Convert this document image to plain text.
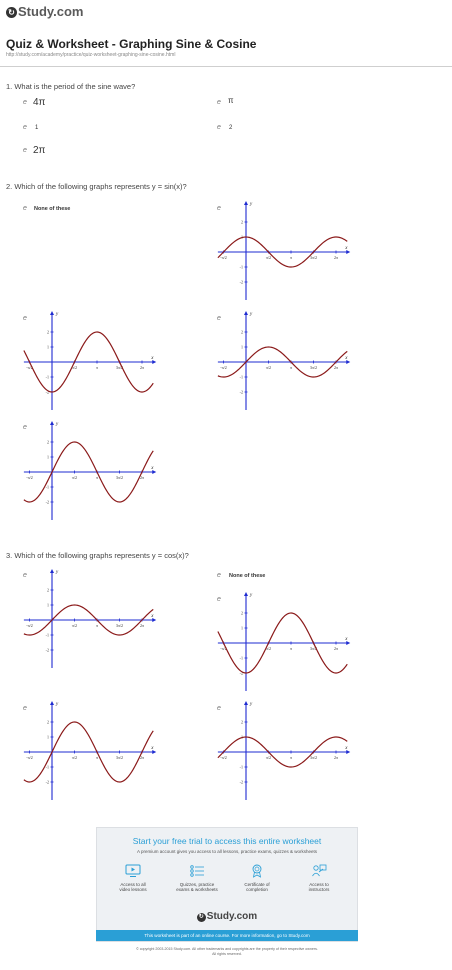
↻ Study.com
Quiz & Worksheet - Graphing Sine & Cosine
http://study.com/academy/practice/quiz-worksheet-graphing-sine-cosine.html
1. What is the period of the sine wave?
e 4π	e π
e 1	e 2
e 2π
2. Which of the following graphs represents y = sin(x)?
e None of these	e
e	e
e
3. Which of the following graphs represents y = cos(x)?
e	e None of these
e
e	e
y
x
-π/2	π/2	π	3π/2	2π
2
1
-1
-2
y
x
-π/2	π/2	π	3π/2	2π
2
1
-1
-2
y
x
-π/2	π/2	π	3π/2	2π
2
1
-1
-2
y
x
-π/2	π/2	π	3π/2	2π
2
1
-1
-2
y
x
-π/2	π/2	π	3π/2	2π
2
1
-1
-2
y
x
-π/2	π/2	π	3π/2	2π
2
1
-1
-2
y
x
-π/2	π/2	π	3π/2	2π
2
1
-1
-2
y
x
-π/2	π/2	π	3π/2	2π
2
1
-1
-2
Start your free trial to access this entire worksheet
A premium account gives you access to all lessons, practice exams, quizzes & worksheets
Access to all
video lessons
Quizzes, practice
exams & worksheets
Certificate of
completion
Access to
instructors
↻ Study.com
This worksheet is part of an online course. For more information, go to Study.com
© copyright 2003-2015 Study.com. All other trademarks and copyrights are the property of their respective owners.
All rights reserved.
